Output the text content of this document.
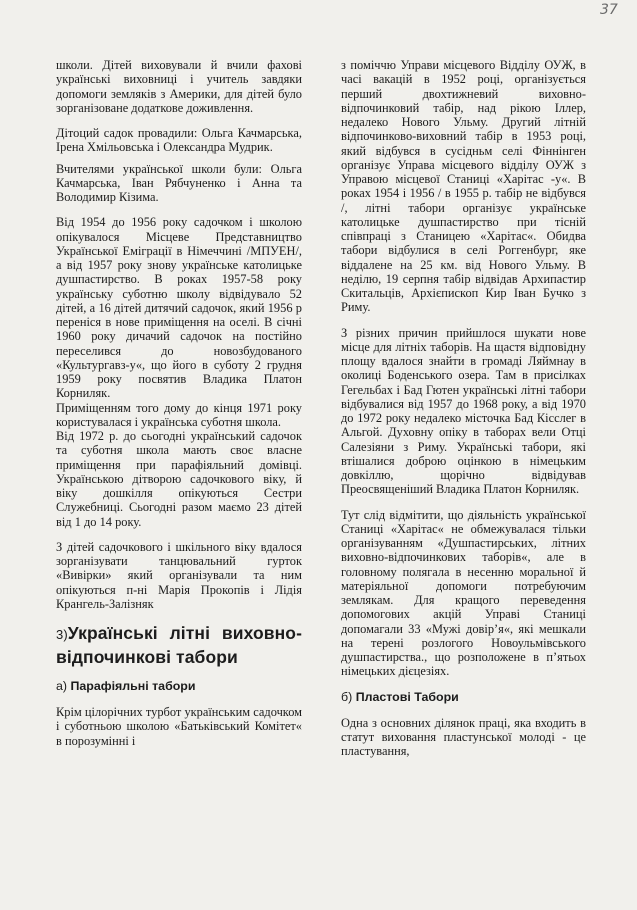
37

школи. Дітей виховували й вчили фахові українські виховниці і учитель завдяки допомоги земляків з Америки, для дітей було зорганізоване додаткове доживлення.

Дітоций садок провадили: Ольга Качмарська, Ірена Хмільовська і Олександра Мудрик.

Вчителями української школи були: Ольга Качмарська, Іван Рябчуненко і Анна та Володимир Кізима.

Від 1954 до 1956 року садочком і школою опікувалося Місцеве Представництво Української Еміграції в Німеччині /МПУЕН/, а від 1957 року знову українське католицьке душпастирство. В роках 1957-58 року українську суботню школу відвідувало 52 дітей, а 16 дітей дитячий садочок, який 1956 р переніся в нове приміщення на оселі. В січні 1960 року дичачий садочок на постійно переселився до новозбудованого «Культургавз-у«, що його в суботу 2 грудня 1959 року посвятив Владика Платон Корниляк.

Приміщенням того дому до кінця 1971 року користувалася і українська суботня школа.

Від 1972 р. до сьогодні український садочок та суботня школа мають своє власне приміщення при парафіяльний домівці. Українською дітворою садочкового віку, й віку дошкілля опікуються Сестри Служебниці. Сьогодні разом маємо 23 дітей від 1 до 14 року.

З дітей садочкового і шкільного віку вдалося зорганізувати танцювальний гурток «Вивірки» який організували та ним опікуються п-ні Марія Прокопів і Лідія Крангель-Залізняк

3)Українські літні виховно-відпочинкові табори

а) Парафіяльні табори

Крім цілорічних турбот українським садочком і суботньою школою «Батьківський Комітет« в порозумінні і

з поміччю Управи місцевого Відділу ОУЖ, в часі вакацій в 1952 році, організується перший двохтижневий виховно-відпочинковий табір, над рікою Іллер, недалеко Нового Ульму. Другий літній відпочинково-виховний табір в 1953 році, який відбувся в сусідньм селі Фіннінген організує Управа місцевого відділу ОУЖ з Управою місцевої Станиці «Харітас -у«. В роках 1954 і 1956 / в 1955 р. табір не відбувся /, літні табори організує українське католицьке душпастирство при тісній співпраці з Станицею «Харітас«. Обидва табори відбулися в селі Роггенбург, яке віддалене на 25 км. від Нового Ульму. В неділю, 19 серпня табір відвідав Архипастир Скитальців, Архієпископ Кир Іван Бучко з Риму.

З різних причин прийшлося шукати нове місце для літніх таборів. На щастя відповідну площу вдалося знайти в громаді Ляймнау в околиці Боденського озера. Там в присілках Гегельбах і Бад Гютен українські літні табори відбувалися від 1957 до 1968 року, а від 1970 до 1972 року недалеко місточка Бад Кіcслег в Альгой. Духовну опіку в таборах вели Отці Салезіяни з Риму. Українські табори, які втішалися доброю оцінкою в німецьким довкіллю, щорічно відвідував Преосвященіший Владика Платон Корниляк.

Тут слід відмітити, що діяльність української Станиці «Харітас« не обмежувалася тільки організуванням «Душпастирських, літних виховно-відпочинкових таборів«, але в головному полягала в несенню моральної й матеріяльної допомоги потребуючим землякам. Для кращого переведення допомогових акцій Управі Станиці допомагали 33 «Мужі довір’я«, які мешкали на терені розлогого Новоульмівського душпастирства., що розположене в п’ятьох німецьких дієцезіях.

б) Пластові Табори

Одна з основних ділянок праці, яка входить в статут виховання пластунської молоді - це пластування,
